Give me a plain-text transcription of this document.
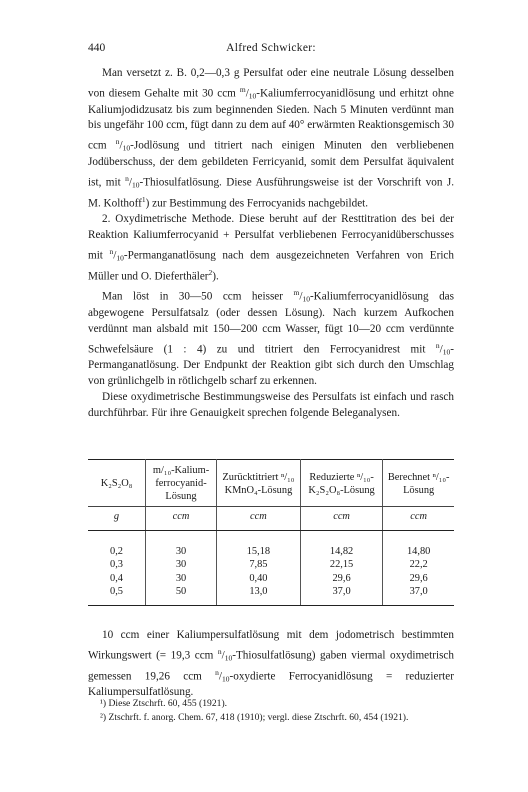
440	Alfred Schwicker:

Man versetzt z. B. 0,2—0,3 g Persulfat oder eine neutrale Lösung desselben von diesem Gehalte mit 30 ccm $^m/_{10}$-Kaliumferrocyanidlösung und erhitzt ohne Kaliumjodidzusatz bis zum beginnenden Sieden. Nach 5 Minuten verdünnt man bis ungefähr 100 ccm, fügt dann zu dem auf 40° erwärmten Reaktionsgemisch 30 ccm $^n/_{10}$-Jodlösung und titriert nach einigen Minuten den verbliebenen Jodüberschuss, der dem gebildeten Ferricyanid, somit dem Persulfat äquivalent ist, mit $^n/_{10}$-Thiosulfatlösung. Diese Ausführungsweise ist der Vorschrift von J. M. Kolthoff$^1$) zur Bestimmung des Ferrocyanids nachgebildet.

2. Oxydimetrische Methode. Diese beruht auf der Resttitration des bei der Reaktion Kaliumferrocyanid + Persulfat verbliebenen Ferrocyanidüberschusses mit $^n/_{10}$-Permanganatlösung nach dem ausgezeichneten Verfahren von Erich Müller und O. Dieferthäler$^2$).

Man löst in 30—50 ccm heisser $^m/_{10}$-Kaliumferrocyanidlösung das abgewogene Persulfatsalz (oder dessen Lösung). Nach kurzem Aufkochen verdünnt man alsbald mit 150—200 ccm Wasser, fügt 10—20 ccm verdünnte Schwefelsäure (1 : 4) zu und titriert den Ferrocyanidrest mit $^n/_{10}$-Permanganatlösung. Der Endpunkt der Reaktion gibt sich durch den Umschlag von grünlichgelb in rötlichgelb scharf zu erkennen.

Diese oxydimetrische Bestimmungsweise des Persulfats ist einfach und rasch durchführbar. Für ihre Genauigkeit sprechen folgende Beleganalysen.

K₂S₂O₈	m/₁₀-Kalium-ferrocyanid-Lösung	Zurücktitriert ⁿ/₁₀ KMnO₄-Lösung	Reduzierte ⁿ/₁₀-K₂S₂O₈-Lösung	Berechnet ⁿ/₁₀-Lösung
g	ccm	ccm	ccm	ccm
0,2	30	15,18	14,82	14,80
0,3	30	7,85	22,15	22,2
0,4	30	0,40	29,6	29,6
0,5	50	13,0	37,0	37,0

10 ccm einer Kaliumpersulfatlösung mit dem jodometrisch bestimmten Wirkungswert (= 19,3 ccm $^n/_{10}-Thiosulfatlösung$) gaben viermal oxydimetrisch gemessen 19,26 ccm $^n/_{10}$-oxydierte Ferrocyanidlösung = reduzierter Kaliumpersulfatlösung.

¹) Diese Ztschrft. 60, 455 (1921).
²) Ztschrft. f. anorg. Chem. 67, 418 (1910); vergl. diese Ztschrft. 60, 454 (1921).
